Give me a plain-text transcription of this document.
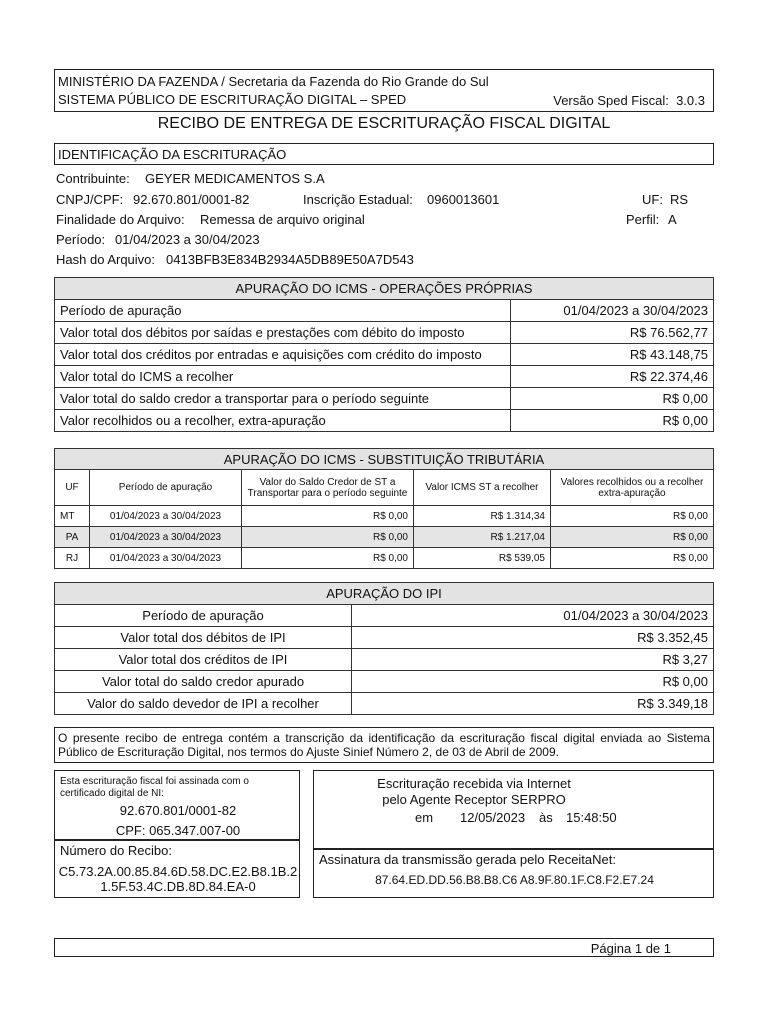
MINISTÉRIO DA FAZENDA / Secretaria da Fazenda do Rio Grande do Sul
SISTEMA PÚBLICO DE ESCRITURAÇÃO DIGITAL – SPED	Versão Sped Fiscal:  3.0.3
RECIBO DE ENTREGA DE ESCRITURAÇÃO FISCAL DIGITAL
IDENTIFICAÇÃO DA ESCRITURAÇÃO
Contribuinte: GEYER MEDICAMENTOS S.A
CNPJ/CPF: 92.670.801/0001-82	Inscrição Estadual: 0960013601	UF: RS
Finalidade do Arquivo: Remessa de arquivo original	Perfil: A
Período: 01/04/2023 a 30/04/2023
Hash do Arquivo: 0413BFB3E834B2934A5DB89E50A7D543
APURAÇÃO DO ICMS - OPERAÇÕES PRÓPRIAS	
Período de apuração	01/04/2023 a 30/04/2023
Valor total dos débitos por saídas e prestações com débito do imposto	R$ 76.562,77
Valor total dos créditos por entradas e aquisições com crédito do imposto	R$ 43.148,75
Valor total do ICMS a recolher	R$ 22.374,46
Valor total do saldo credor a transportar para o período seguinte	R$ 0,00
Valor recolhidos ou a recolher, extra-apuração	R$ 0,00
APURAÇÃO DO ICMS - SUBSTITUIÇÃO TRIBUTÁRIA				
UF	Período de apuração	Valor do Saldo Credor de ST a Transportar para o período seguinte	Valor ICMS ST a recolher	Valores recolhidos ou a recolher extra-apuração
MT	01/04/2023 a 30/04/2023	R$ 0,00	R$ 1.314,34	R$ 0,00
PA	01/04/2023 a 30/04/2023	R$ 0,00	R$ 1.217,04	R$ 0,00
RJ	01/04/2023 a 30/04/2023	R$ 0,00	R$ 539,05	R$ 0,00
APURAÇÃO DO IPI	
Período de apuração	01/04/2023 a 30/04/2023
Valor total dos débitos de IPI	R$ 3.352,45
Valor total dos créditos de IPI	R$ 3,27
Valor total do saldo credor apurado	R$ 0,00
Valor do saldo devedor de IPI a recolher	R$ 3.349,18
O presente recibo de entrega contém a transcrição da identificação da escrituração fiscal digital enviada ao Sistema Público de Escrituração Digital, nos termos do Ajuste Sinief Número 2, de 03 de Abril de 2009.
Esta escrituração fiscal foi assinada com o certificado digital de NI:
92.670.801/0001-82
CPF: 065.347.007-00
Escrituração recebida via Internet
pelo Agente Receptor SERPRO
em 12/05/2023 às 15:48:50
Número do Recibo:
C5.73.2A.00.85.84.6D.58.DC.E2.B8.1B.2
1.5F.53.4C.DB.8D.84.EA-0
Assinatura da transmissão gerada pelo ReceitaNet:
87.64.ED.DD.56.B8.B8.C6 A8.9F.80.1F.C8.F2.E7.24
Página 1 de 1
